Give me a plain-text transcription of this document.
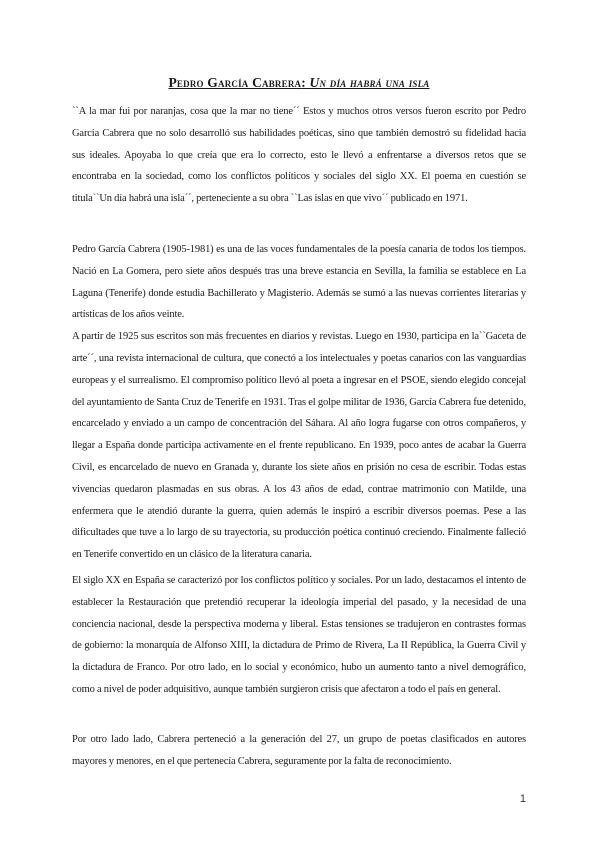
Pedro García Cabrera: Un día habrá una isla

``A la mar fui por naranjas, cosa que la mar no tiene´´ Estos y muchos otros versos fueron escrito por Pedro García Cabrera que no solo desarrolló sus habilidades poéticas, sino que también demostró su fidelidad hacia sus ideales. Apoyaba lo que creía que era lo correcto, esto le llevó a enfrentarse a diversos retos que se encontraba en la sociedad, como los conflictos políticos y sociales del siglo XX. El poema en cuestión se titula``Un día habrá una isla´´, perteneciente a su obra ``Las islas en que vivo´´ publicado en 1971.

Pedro García Cabrera (1905-1981) es una de las voces fundamentales de la poesía canaria de todos los tiempos. Nació en La Gomera, pero siete años después tras una breve estancia en Sevilla, la familia se establece en La Laguna (Tenerife) donde estudia Bachillerato y Magisterio. Además se sumó a las nuevas corrientes literarias y artísticas de los años veinte.

A partir de 1925 sus escritos son más frecuentes en diarios y revistas. Luego en 1930, participa en la``Gaceta de arte´´, una revista internacional de cultura, que conectó a los intelectuales y poetas canarios con las vanguardias europeas y el surrealismo. El compromiso político llevó al poeta a ingresar en el PSOE, siendo elegido concejal del ayuntamiento de Santa Cruz de Tenerife en 1931. Tras el golpe militar de 1936, García Cabrera fue detenido, encarcelado y enviado a un campo de concentración del Sáhara. Al año logra fugarse con otros compañeros, y llegar a España donde participa activamente en el frente republicano. En 1939, poco antes de acabar la Guerra Civil, es encarcelado de nuevo en Granada y, durante los siete años en prisión no cesa de escribir. Todas estas vivencias quedaron plasmadas en sus obras. A los 43 años de edad, contrae matrimonio con Matilde, una enfermera que le atendió durante la guerra, quien además le inspiró a escribir diversos poemas. Pese a las dificultades que tuve a lo largo de su trayectoria, su producción poética continuó creciendo. Finalmente falleció en Tenerife convertido en un clásico de la literatura canaria.

El siglo XX en España se caracterizó por los conflictos político y sociales. Por un lado, destacamos el intento de establecer la Restauración que pretendió recuperar la ideología imperial del pasado, y la necesidad de una conciencia nacional, desde la perspectiva moderna y liberal. Estas tensiones se tradujeron en contrastes formas de gobierno: la monarquía de Alfonso XIII, la dictadura de Primo de Rivera, La II República, la Guerra Civil y la dictadura de Franco. Por otro lado, en lo social y económico, hubo un aumento tanto a nivel demográfico, como a nivel de poder adquisitivo, aunque también surgieron crisis que afectaron a todo el país en general.

Por otro lado lado, Cabrera perteneció a la generación del 27, un grupo de poetas clasificados en autores mayores y menores, en el que pertenecía Cabrera, seguramente por la falta de reconocimiento.

1
